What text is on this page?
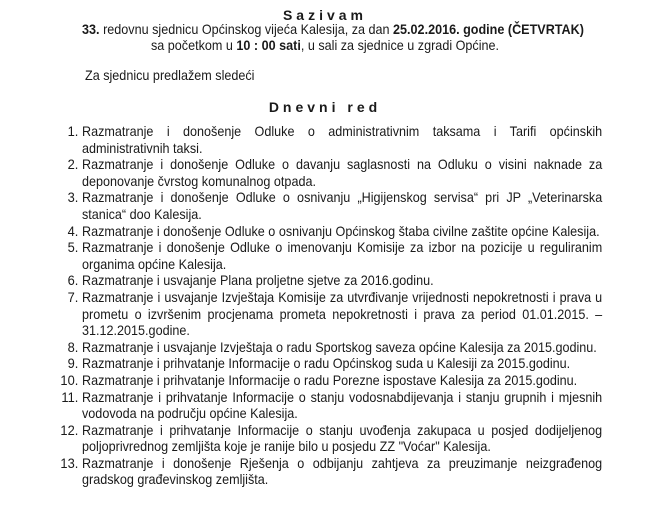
Sazivam
33. redovnu sjednicu Općinskog vijeća Kalesija, za dan 25.02.2016. godine (ČETVRTAK)
sa početkom u 10 : 00 sati, u sali za sjednice u zgradi Općine.
Za sjednicu predlažem sledeći
Dnevni red
1. Razmatranje i donošenje Odluke o administrativnim taksama i Tarifi općinskih administrativnih taksi.
2. Razmatranje i donošenje Odluke o davanju saglasnosti na Odluku o visini naknade za deponovanje čvrstog komunalnog otpada.
3. Razmatranje i donošenje Odluke o osnivanju „Higijenskog servisa“ pri JP „Veterinarska stanica“ doo Kalesija.
4. Razmatranje i donošenje Odluke o osnivanju Općinskog štaba civilne zaštite općine Kalesija.
5. Razmatranje i donošenje Odluke o imenovanju Komisije za izbor na pozicije u reguliranim organima općine Kalesija.
6. Razmatranje i usvajanje Plana proljetne sjetve za 2016.godinu.
7. Razmatranje i usvajanje Izvještaja Komisije za utvrđivanje vrijednosti nepokretnosti i prava u prometu o izvršenim procjenama prometa nepokretnosti i prava za period 01.01.2015. – 31.12.2015.godine.
8. Razmatranje i usvajanje Izvještaja o radu Sportskog saveza općine Kalesija za 2015.godinu.
9. Razmatranje i prihvatanje Informacije o radu Općinskog suda u Kalesiji za 2015.godinu.
10. Razmatranje i prihvatanje Informacije o radu Porezne ispostave Kalesija za 2015.godinu.
11. Razmatranje i prihvatanje Informacije o stanju vodosnabdijevanja i stanju grupnih i mjesnih vodovoda na području općine Kalesija.
12. Razmatranje i prihvatanje Informacije o stanju uvođenja zakupaca u posjed dodijeljenog poljoprivrednog zemljišta koje je ranije bilo u posjedu ZZ "Voćar" Kalesija.
13. Razmatranje i donošenje Rješenja o odbijanju zahtjeva za preuzimanje neizgrađenog gradskog građevinskog zemljišta.
